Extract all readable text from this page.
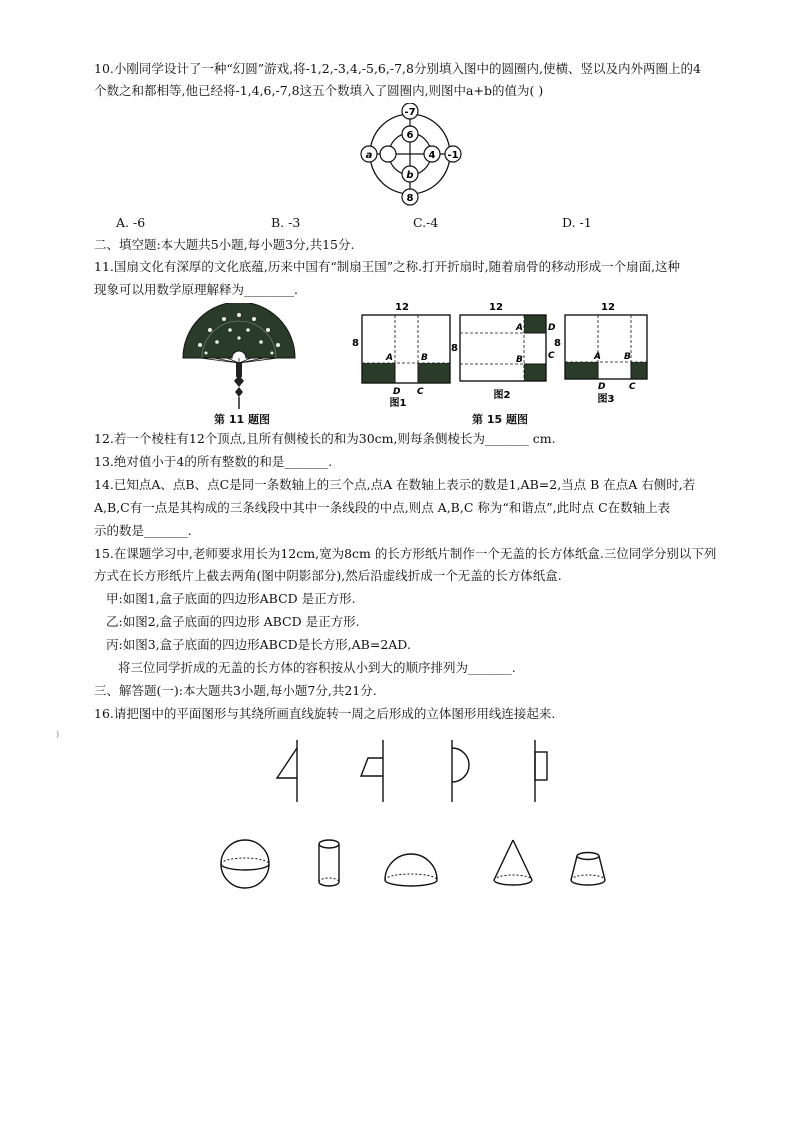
10.小刚同学设计了一种“幻圆”游戏,将-1,2,-3,4,-5,6,-7,8分别填入图中的圆圈内,使横、竖以及内外两圈上的4
个数之和都相等,他已经将-1,4,6,-7,8这五个数填入了圆圈内,则图中a+b的值为( )
-7
6
4 -1
a
b
8
A. -6	B. -3	C.-4	D. -1
二、填空题:本大题共5小题,每小题3分,共15分.
11.国扇文化有深厚的文化底蕴,历来中国有“制扇王国”之称.打开折扇时,随着扇骨的移动形成一个扇面,这种
现象可以用数学原理解释为________.
第 11 题图
12
8
A	B
D C
图1
12
8
A	D
B	C
图2
12
8
A	B
D	C
图3
第 15 题图
12.若一个棱柱有12个顶点,且所有侧棱长的和为30cm,则每条侧棱长为_______ cm.
13.绝对值小于4的所有整数的和是_______.
14.已知点A、点B、点C是同一条数轴上的三个点,点A 在数轴上表示的数是1,AB=2,当点 B 在点A 右侧时,若
A,B,C有一点是其构成的三条线段中其中一条线段的中点,则点 A,B,C 称为“和谐点”,此时点 C在数轴上表
示的数是_______.
15.在课题学习中,老师要求用长为12cm,宽为8cm 的长方形纸片制作一个无盖的长方体纸盒.三位同学分别以下列
方式在长方形纸片上截去两角(图中阴影部分),然后沿虚线折成一个无盖的长方体纸盒.
甲:如图1,盒子底面的四边形ABCD 是正方形.
乙:如图2,盒子底面的四边形 ABCD 是正方形.
丙:如图3,盒子底面的四边形ABCD是长方形,AB=2AD.
将三位同学折成的无盖的长方体的容积按从小到大的顺序排列为_______.
三、解答题(一):本大题共3小题,每小题7分,共21分.
16.请把图中的平面图形与其绕所画直线旋转一周之后形成的立体图形用线连接起来.
)
